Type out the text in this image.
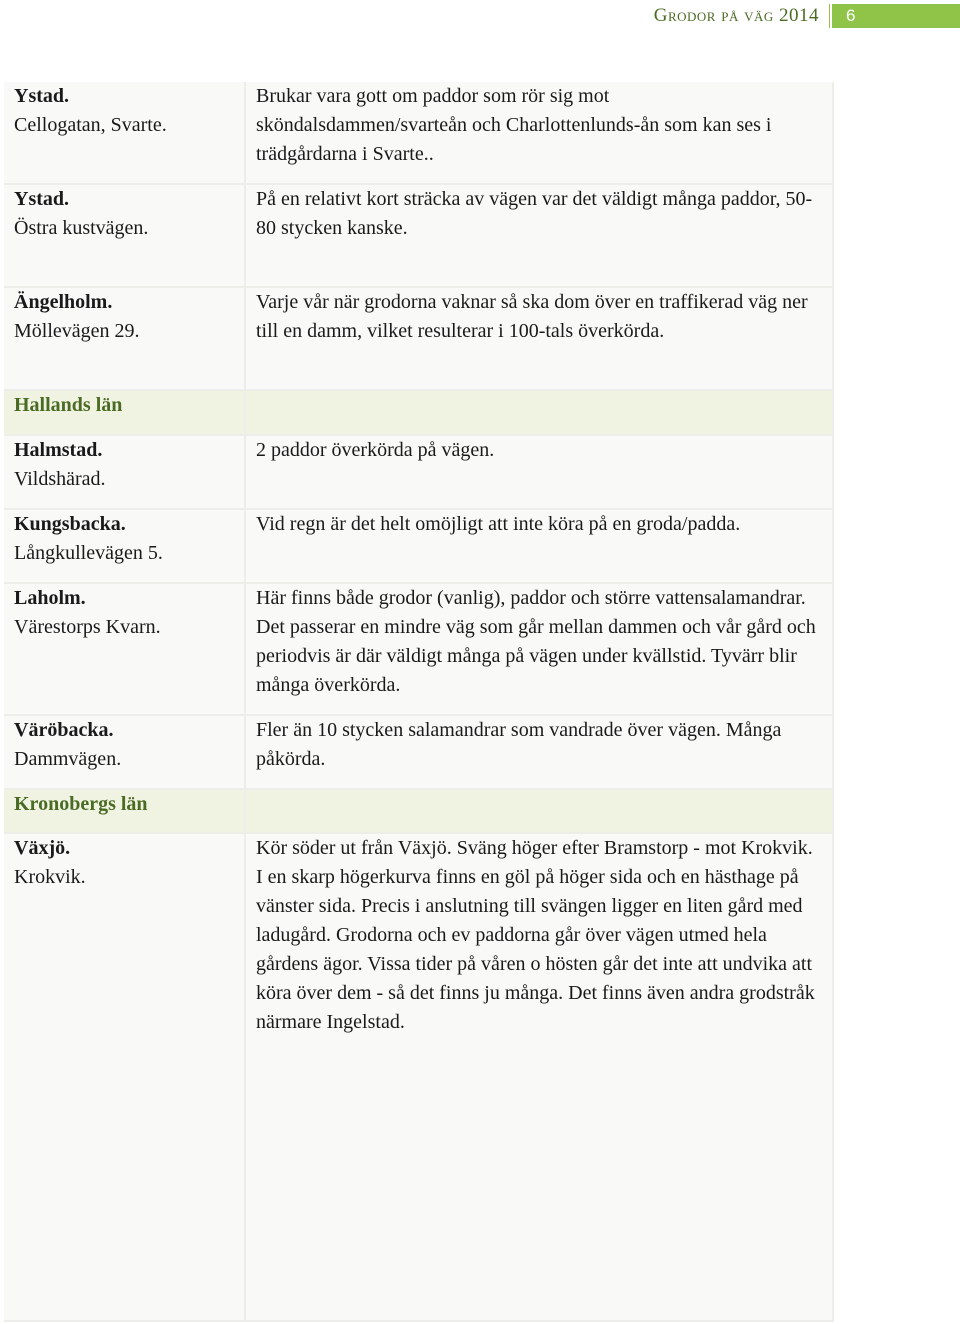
Grodor på väg 2014	6
Ystad.
Cellogatan, Svarte.	Brukar vara gott om paddor som rör sig mot sköndalsdammen/svarteån och Charlottenlunds-ån som kan ses i trädgårdarna i Svarte..

Ystad.
Östra kustvägen.	På en relativt kort sträcka av vägen var det väldigt många paddor, 50-80 stycken kanske.

Ängelholm.
Möllevägen 29.	Varje vår när grodorna vaknar så ska dom över en traffikerad väg ner till en damm, vilket resulterar i 100-tals överkörda.
Hallands län	

Halmstad.
Vildshärad.	2 paddor överkörda på vägen.

Kungsbacka.
Långkullevägen 5.	Vid regn är det helt omöjligt att inte köra på en groda/padda.

Laholm.
Värestorps Kvarn.	Här finns både grodor (vanlig), paddor och större vattensalamandrar. Det passerar en mindre väg som går mellan dammen och vår gård och periodvis är där väldigt många på vägen under kvällstid. Tyvärr blir många överkörda.

Väröbacka.
Dammvägen.	Fler än 10 stycken salamandrar som vandrade över vägen. Många påkörda.
Kronobergs län	

Växjö.
Krokvik.	Kör söder ut från Växjö. Sväng höger efter Bramstorp - mot Krokvik. I en skarp högerkurva finns en göl på höger sida och en hästhage på vänster sida. Precis i anslutning till svängen ligger en liten gård med ladugård. Grodorna och ev paddorna går över vägen utmed hela gårdens ägor. Vissa tider på våren o hösten går det inte att undvika att köra över dem - så det finns ju många. Det finns även andra grodstråk närmare Ingelstad.
